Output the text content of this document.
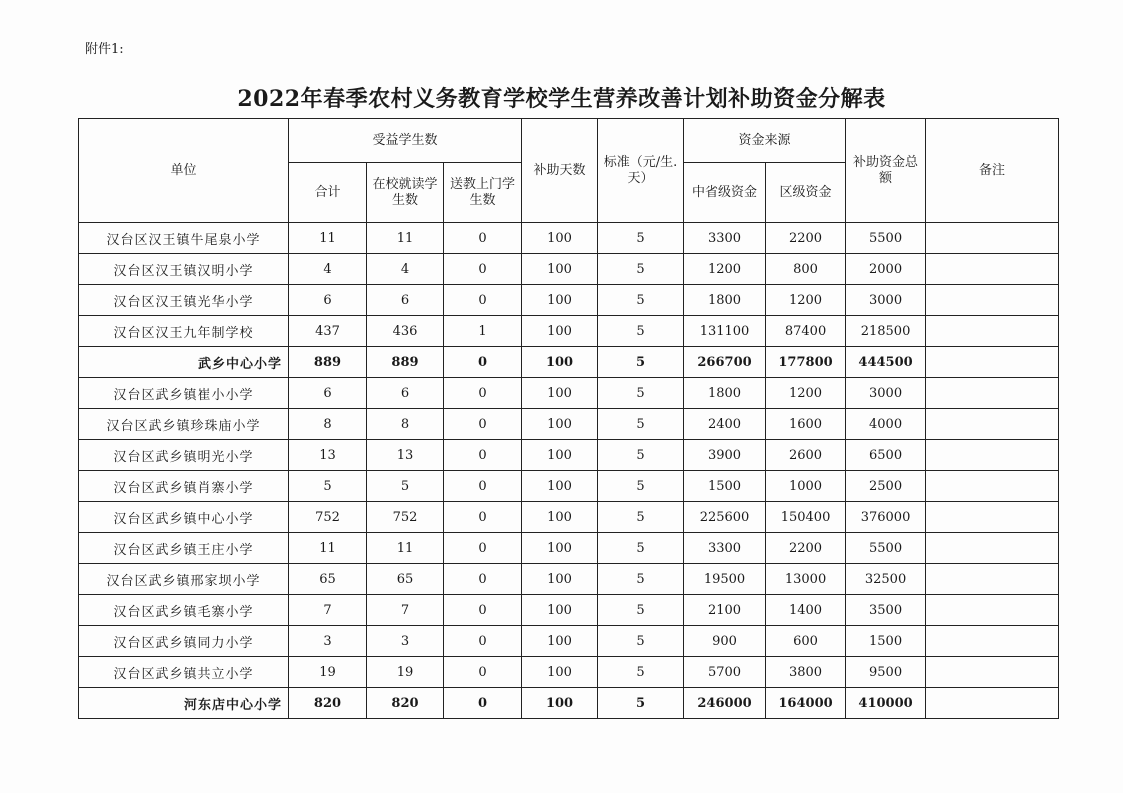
附件1:
2022年春季农村义务教育学校学生营养改善计划补助资金分解表
单位	受益学生数			补助天数	标准（元/生.天）	资金来源		补助资金总额	备注
	合计	在校就读学生数	送教上门学生数			中省级资金	区级资金		
汉台区汉王镇牛尾泉小学	11	11	0	100	5	3300	2200	5500	
汉台区汉王镇汉明小学	4	4	0	100	5	1200	800	2000	
汉台区汉王镇光华小学	6	6	0	100	5	1800	1200	3000	
汉台区汉王九年制学校	437	436	1	100	5	131100	87400	218500	
武乡中心小学	889	889	0	100	5	266700	177800	444500	
汉台区武乡镇崔小小学	6	6	0	100	5	1800	1200	3000	
汉台区武乡镇珍珠庙小学	8	8	0	100	5	2400	1600	4000	
汉台区武乡镇明光小学	13	13	0	100	5	3900	2600	6500	
汉台区武乡镇肖寨小学	5	5	0	100	5	1500	1000	2500	
汉台区武乡镇中心小学	752	752	0	100	5	225600	150400	376000	
汉台区武乡镇王庄小学	11	11	0	100	5	3300	2200	5500	
汉台区武乡镇邢家坝小学	65	65	0	100	5	19500	13000	32500	
汉台区武乡镇毛寨小学	7	7	0	100	5	2100	1400	3500	
汉台区武乡镇同力小学	3	3	0	100	5	900	600	1500	
汉台区武乡镇共立小学	19	19	0	100	5	5700	3800	9500	
河东店中心小学	820	820	0	100	5	246000	164000	410000	
